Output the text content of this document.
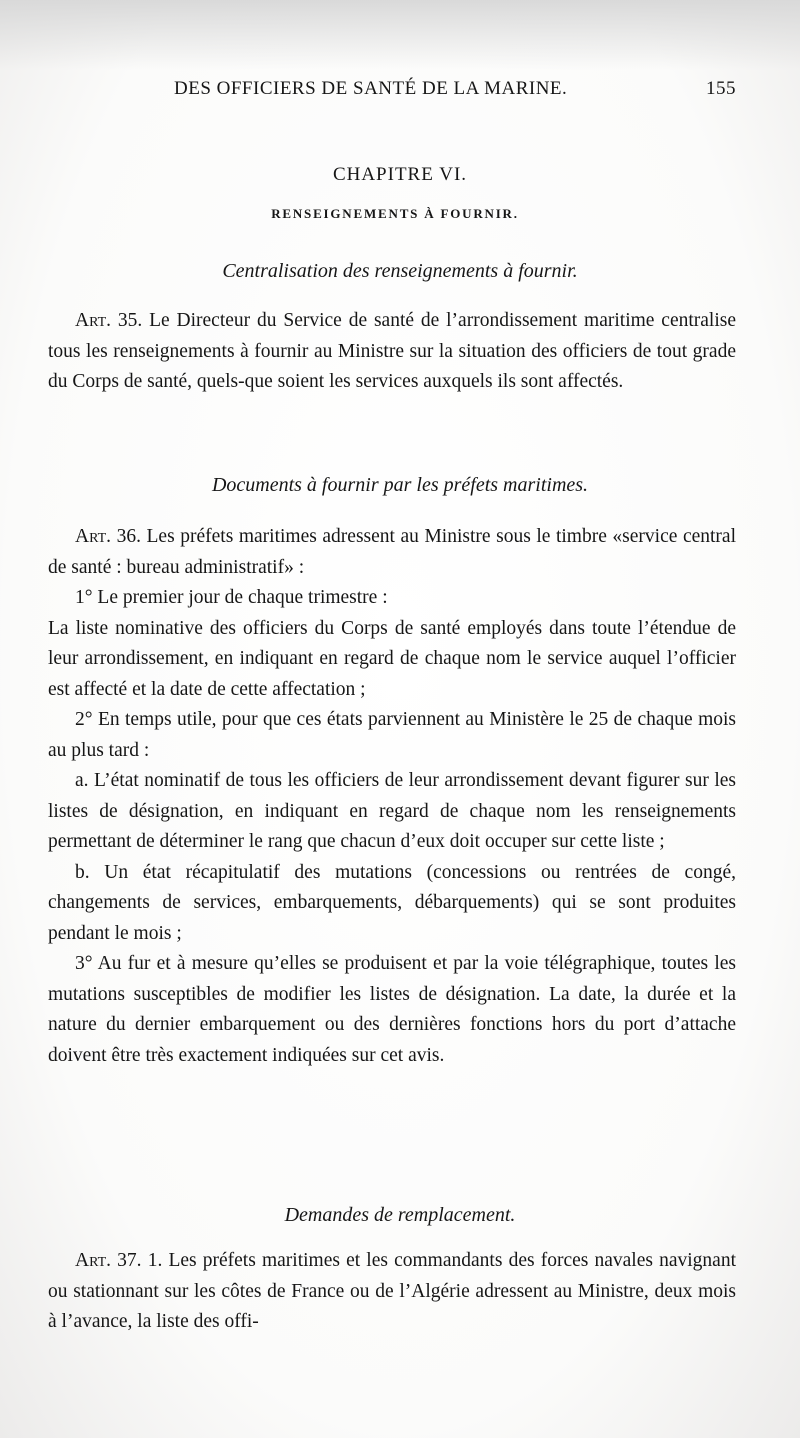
DES OFFICIERS DE SANTÉ DE LA MARINE.	155
CHAPITRE VI.
RENSEIGNEMENTS À FOURNIR.
Centralisation des renseignements à fournir.

Art. 35. Le Directeur du Service de santé de l’arrondissement maritime centralise tous les renseignements à fournir au Ministre sur la situation des officiers de tout grade du Corps de santé, quels-que soient les services auxquels ils sont affectés.

Documents à fournir par les préfets maritimes.

Art. 36. Les préfets maritimes adressent au Ministre sous le timbre «service central de santé : bureau administratif» :

1° Le premier jour de chaque trimestre :

La liste nominative des officiers du Corps de santé employés dans toute l’étendue de leur arrondissement, en indiquant en regard de chaque nom le service auquel l’officier est affecté et la date de cette affectation ;

2° En temps utile, pour que ces états parviennent au Ministère le 25 de chaque mois au plus tard :

a. L’état nominatif de tous les officiers de leur arrondissement devant figurer sur les listes de désignation, en indiquant en regard de chaque nom les renseignements permettant de déterminer le rang que chacun d’eux doit occuper sur cette liste ;

b. Un état récapitulatif des mutations (concessions ou rentrées de congé, changements de services, embarquements, débarquements) qui se sont produites pendant le mois ;

3° Au fur et à mesure qu’elles se produisent et par la voie télégraphique, toutes les mutations susceptibles de modifier les listes de désignation. La date, la durée et la nature du dernier embarquement ou des dernières fonctions hors du port d’attache doivent être très exactement indiquées sur cet avis.

Demandes de remplacement.

Art. 37. 1. Les préfets maritimes et les commandants des forces navales navignant ou stationnant sur les côtes de France ou de l’Algérie adressent au Ministre, deux mois à l’avance, la liste des offi-
